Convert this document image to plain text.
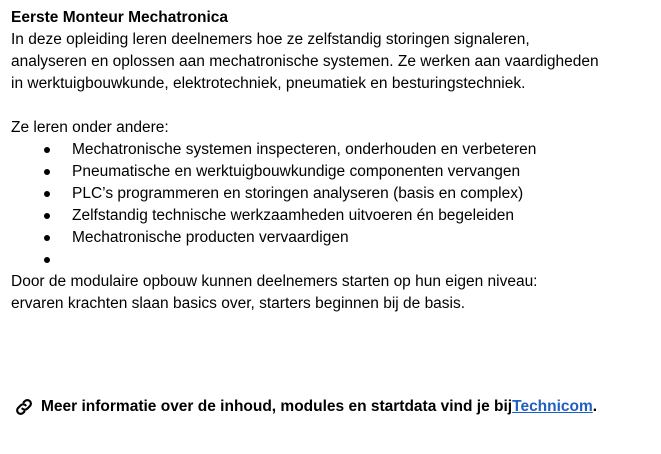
Eerste Monteur Mechatronica

In deze opleiding leren deelnemers hoe ze zelfstandig storingen signaleren,

analyseren en oplossen aan mechatronische systemen. Ze werken aan vaardigheden

in werktuigbouwkunde, elektrotechniek, pneumatiek en besturingstechniek.

Ze leren onder andere:

Mechatronische systemen inspecteren, onderhouden en verbeteren
Pneumatische en werktuigbouwkundige componenten vervangen
PLC’s programmeren en storingen analyseren (basis en complex)
Zelfstandig technische werkzaamheden uitvoeren én begeleiden
Mechatronische producten vervaardigen

Door de modulaire opbouw kunnen deelnemers starten op hun eigen niveau:

ervaren krachten slaan basics over, starters beginnen bij de basis.

Meer informatie over de inhoud, modules en startdata vind je bij Technicom .
